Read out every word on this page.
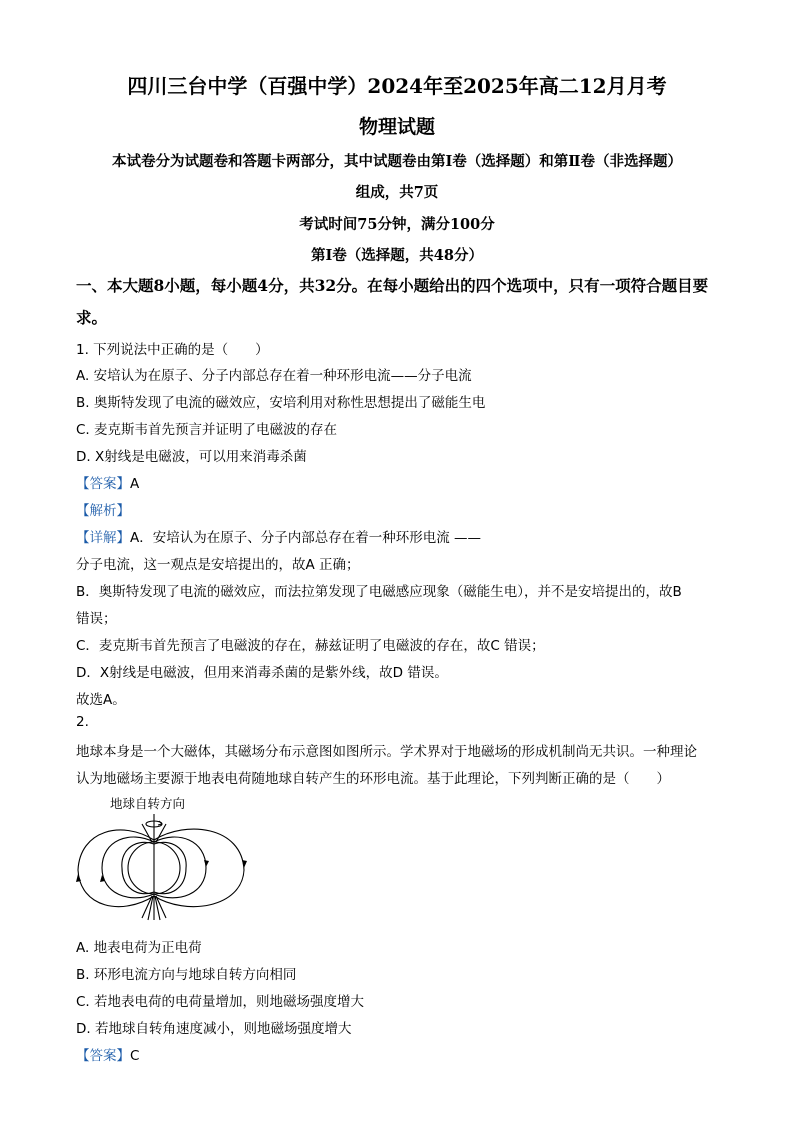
四川三台中学（百强中学）2024年至2025年高二12月月考
物理试题
本试卷分为试题卷和答题卡两部分，其中试题卷由第Ⅰ卷（选择题）和第Ⅱ卷（非选择题）
组成，共7页
考试时间75分钟，满分100分
第Ⅰ卷（选择题，共48分）
一、本大题8小题，每小题4分，共32分。在每小题给出的四个选项中，只有一项符合题目要
求。
1. 下列说法中正确的是（　　）
A. 安培认为在原子、分子内部总存在着一种环形电流——分子电流
B. 奥斯特发现了电流的磁效应，安培利用对称性思想提出了磁能生电
C. 麦克斯韦首先预言并证明了电磁波的存在
D. X射线是电磁波，可以用来消毒杀菌
【答案】A
【解析】
【详解】A．安培认为在原子、分子内部总存在着一种环形电流 ——
分子电流，这一观点是安培提出的，故A 正确；
B．奥斯特发现了电流的磁效应，而法拉第发现了电磁感应现象（磁能生电），并不是安培提出的，故B
错误；
C．麦克斯韦首先预言了电磁波的存在，赫兹证明了电磁波的存在，故C 错误；
D．X射线是电磁波，但用来消毒杀菌的是紫外线，故D 错误。
故选A。
2.
地球本身是一个大磁体，其磁场分布示意图如图所示。学术界对于地磁场的形成机制尚无共识。一种理论
认为地磁场主要源于地表电荷随地球自转产生的环形电流。基于此理论，下列判断正确的是（　　）
地球自转方向
A. 地表电荷为正电荷
B. 环形电流方向与地球自转方向相同
C. 若地表电荷的电荷量增加，则地磁场强度增大
D. 若地球自转角速度减小，则地磁场强度增大
【答案】C
